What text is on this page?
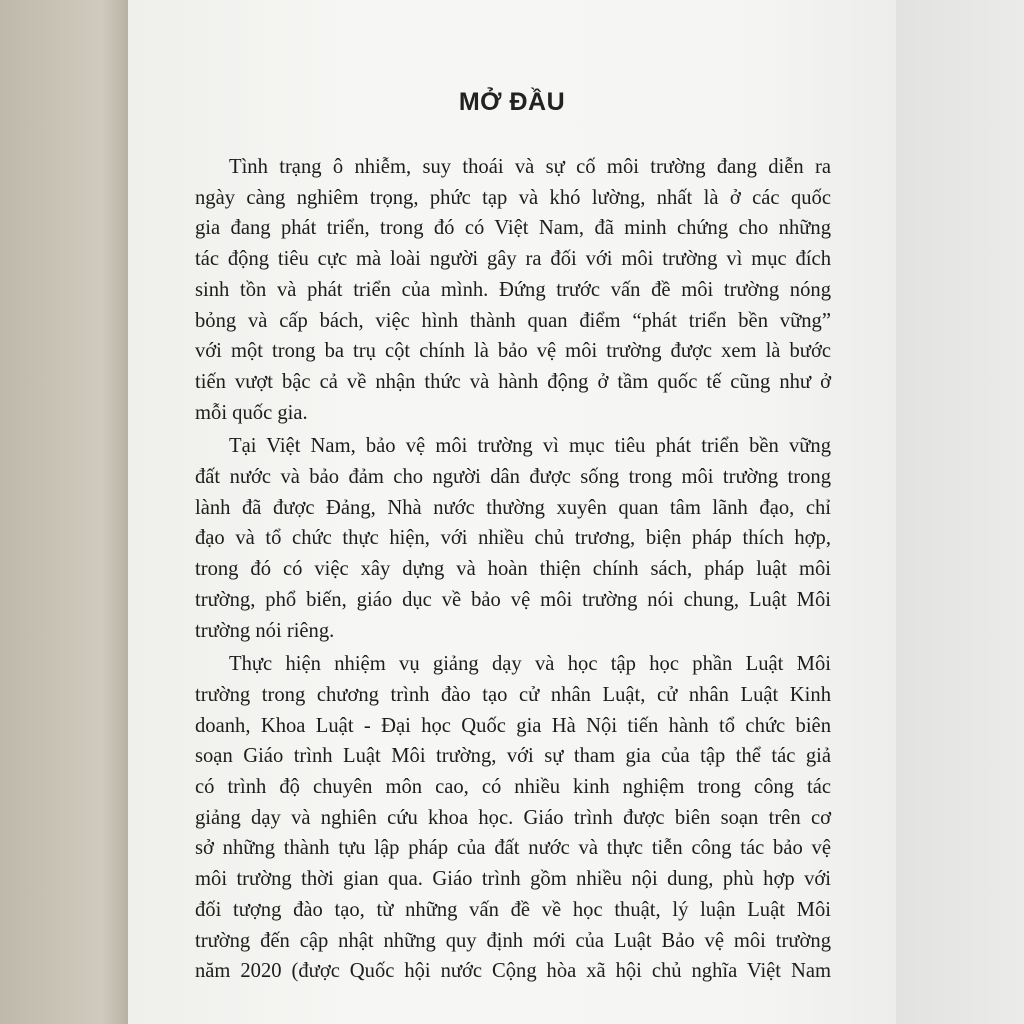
MỞ ĐẦU
Tình trạng ô nhiễm, suy thoái và sự cố môi trường đang diễn ra
ngày càng nghiêm trọng, phức tạp và khó lường, nhất là ở các quốc
gia đang phát triển, trong đó có Việt Nam, đã minh chứng cho những
tác động tiêu cực mà loài người gây ra đối với môi trường vì mục đích
sinh tồn và phát triển của mình. Đứng trước vấn đề môi trường nóng
bỏng và cấp bách, việc hình thành quan điểm “phát triển bền vững”
với một trong ba trụ cột chính là bảo vệ môi trường được xem là bước
tiến vượt bậc cả về nhận thức và hành động ở tầm quốc tế cũng như ở
mỗi quốc gia.
Tại Việt Nam, bảo vệ môi trường vì mục tiêu phát triển bền vững
đất nước và bảo đảm cho người dân được sống trong môi trường trong
lành đã được Đảng, Nhà nước thường xuyên quan tâm lãnh đạo, chỉ
đạo và tổ chức thực hiện, với nhiều chủ trương, biện pháp thích hợp,
trong đó có việc xây dựng và hoàn thiện chính sách, pháp luật môi
trường, phổ biến, giáo dục về bảo vệ môi trường nói chung, Luật Môi
trường nói riêng.
Thực hiện nhiệm vụ giảng dạy và học tập học phần Luật Môi
trường trong chương trình đào tạo cử nhân Luật, cử nhân Luật Kinh
doanh, Khoa Luật - Đại học Quốc gia Hà Nội tiến hành tổ chức biên
soạn Giáo trình Luật Môi trường, với sự tham gia của tập thể tác giả
có trình độ chuyên môn cao, có nhiều kinh nghiệm trong công tác
giảng dạy và nghiên cứu khoa học. Giáo trình được biên soạn trên cơ
sở những thành tựu lập pháp của đất nước và thực tiễn công tác bảo vệ
môi trường thời gian qua. Giáo trình gồm nhiều nội dung, phù hợp với
đối tượng đào tạo, từ những vấn đề về học thuật, lý luận Luật Môi
trường đến cập nhật những quy định mới của Luật Bảo vệ môi trường
năm 2020 (được Quốc hội nước Cộng hòa xã hội chủ nghĩa Việt Nam
